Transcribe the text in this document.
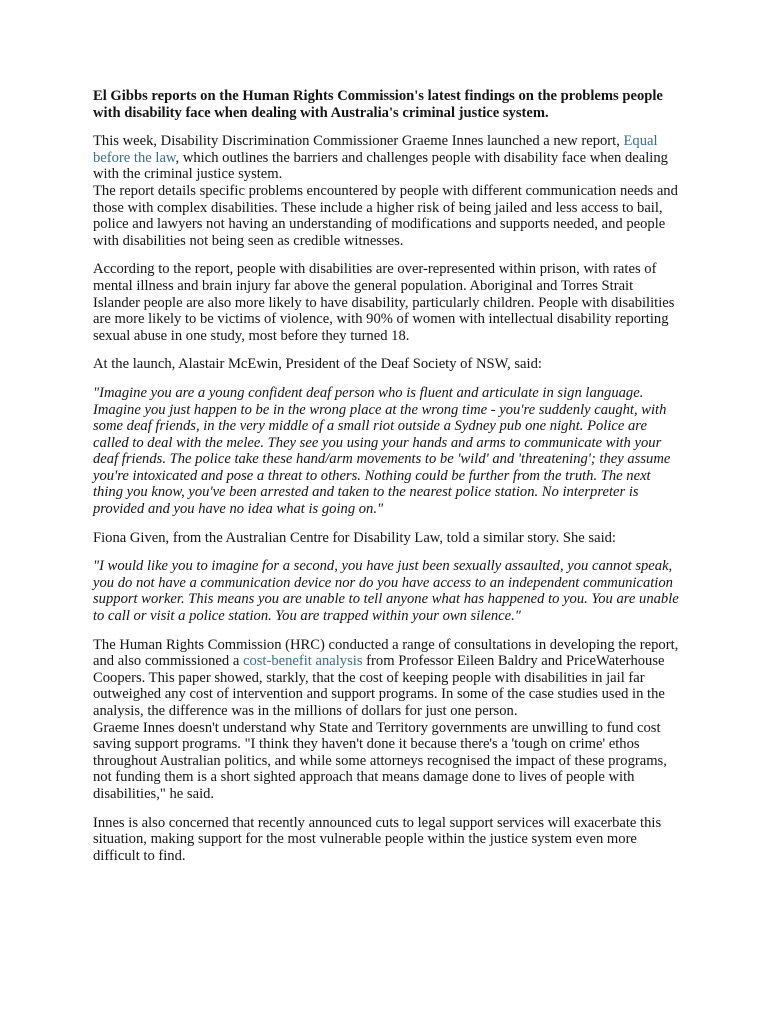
El Gibbs reports on the Human Rights Commission's latest findings on the problems people with disability face when dealing with Australia's criminal justice system.

This week, Disability Discrimination Commissioner Graeme Innes launched a new report, Equal before the law, which outlines the barriers and challenges people with disability face when dealing with the criminal justice system.

The report details specific problems encountered by people with different communication needs and those with complex disabilities. These include a higher risk of being jailed and less access to bail, police and lawyers not having an understanding of modifications and supports needed, and people with disabilities not being seen as credible witnesses.

According to the report, people with disabilities are over-represented within prison, with rates of mental illness and brain injury far above the general population. Aboriginal and Torres Strait Islander people are also more likely to have disability, particularly children. People with disabilities are more likely to be victims of violence, with 90% of women with intellectual disability reporting sexual abuse in one study, most before they turned 18.

At the launch, Alastair McEwin, President of the Deaf Society of NSW, said:

"Imagine you are a young confident deaf person who is fluent and articulate in sign language. Imagine you just happen to be in the wrong place at the wrong time - you're suddenly caught, with some deaf friends, in the very middle of a small riot outside a Sydney pub one night. Police are called to deal with the melee. They see you using your hands and arms to communicate with your deaf friends. The police take these hand/arm movements to be 'wild' and 'threatening'; they assume you're intoxicated and pose a threat to others. Nothing could be further from the truth. The next thing you know, you've been arrested and taken to the nearest police station. No interpreter is provided and you have no idea what is going on."

Fiona Given, from the Australian Centre for Disability Law, told a similar story. She said:

"I would like you to imagine for a second, you have just been sexually assaulted, you cannot speak, you do not have a communication device nor do you have access to an independent communication support worker. This means you are unable to tell anyone what has happened to you. You are unable to call or visit a police station. You are trapped within your own silence."

The Human Rights Commission (HRC) conducted a range of consultations in developing the report, and also commissioned a cost-benefit analysis from Professor Eileen Baldry and PriceWaterhouse Coopers. This paper showed, starkly, that the cost of keeping people with disabilities in jail far outweighed any cost of intervention and support programs. In some of the case studies used in the analysis, the difference was in the millions of dollars for just one person.

Graeme Innes doesn't understand why State and Territory governments are unwilling to fund cost saving support programs. "I think they haven't done it because there's a 'tough on crime' ethos throughout Australian politics, and while some attorneys recognised the impact of these programs, not funding them is a short sighted approach that means damage done to lives of people with disabilities," he said.

Innes is also concerned that recently announced cuts to legal support services will exacerbate this situation, making support for the most vulnerable people within the justice system even more difficult to find.
